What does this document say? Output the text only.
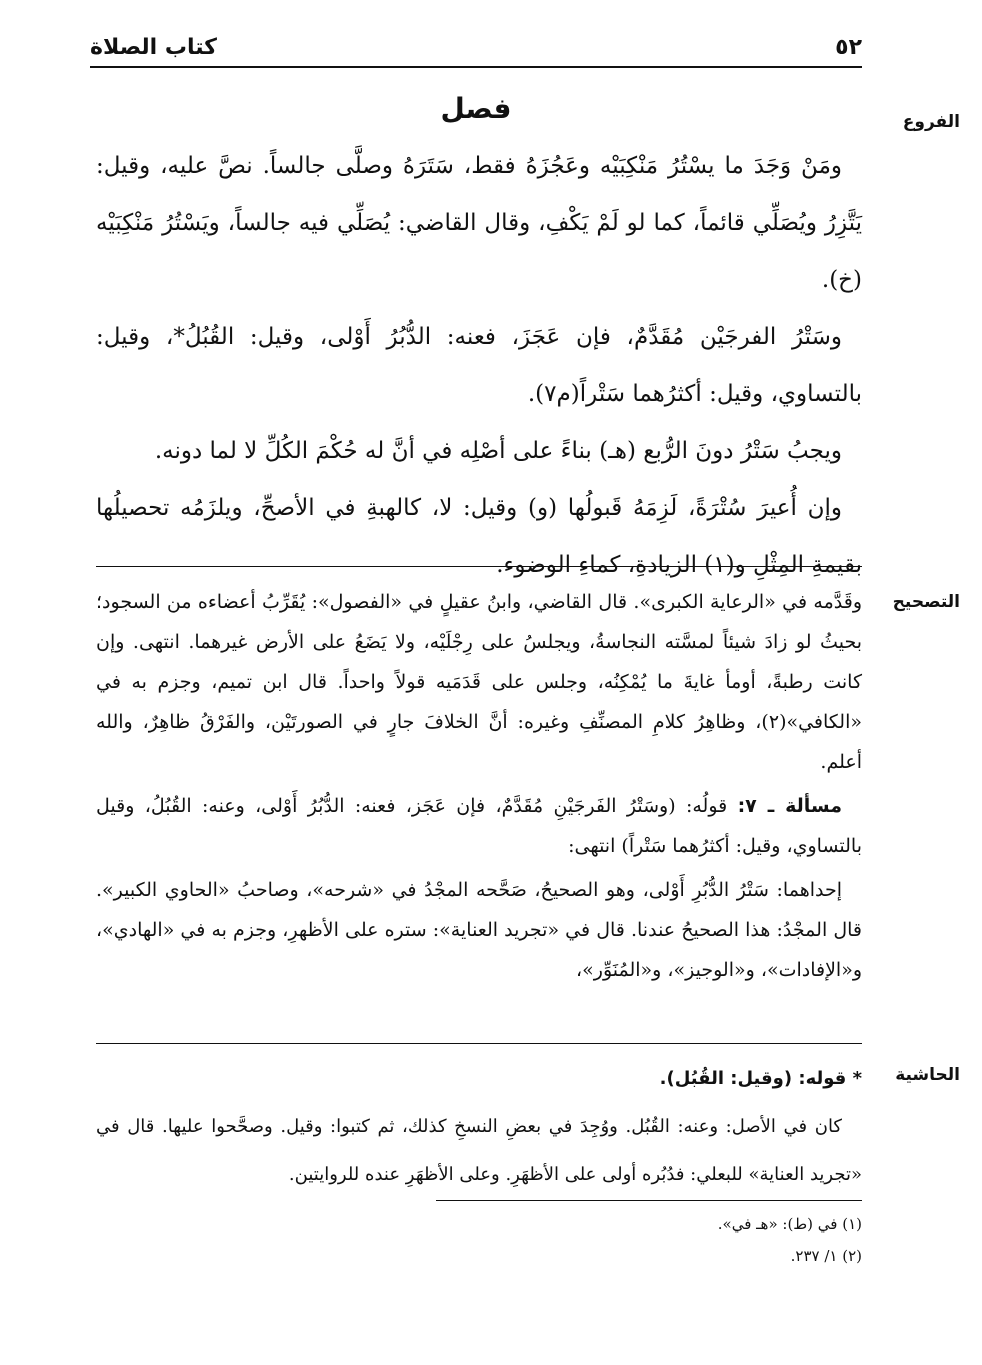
٥٢
كتاب الصلاة
الفروع
التصحيح
الحاشية
فصل

ومَنْ وَجَدَ ما يسْتُرُ مَنْكِبَيْه وعَجُزَهُ فقط، سَتَرَهُ وصلَّى جالساً. نصَّ عليه، وقيل: يَتَّزِرُ ويُصَلِّي قائماً، كما لو لَمْ يَكْفِ، وقال القاضي: يُصَلِّي فيه جالساً، ويَسْتُرُ مَنْكِبَيْه (خ).

وسَتْرُ الفرجَيْن مُقَدَّمٌ، فإن عَجَزَ، فعنه: الدُّبُرُ أَوْلى، وقيل: القُبُلُ*، وقيل: بالتساوي، وقيل: أكثرُهما سَتْراً(م٧).

ويجبُ سَتْرُ دونَ الرُّبع (هـ) بناءً على أصْلِه في أنَّ له حُكْمَ الكُلِّ لا لما دونه.

وإن أُعيرَ سُتْرَةً، لَزِمَهُ قَبولُها (و) وقيل: لا، كالهبةِ في الأصحِّ، ويلزَمُه تحصيلُها بقيمةِ المِثْلِ و(١) الزيادةِ، كماءِ الوضوء.

وقَدَّمه في «الرعاية الكبرى». قال القاضي، وابنُ عقيلٍ في «الفصول»: يُقَرِّبُ أعضاءه من السجود؛ بحيثُ لو زادَ شيئاً لمسَّته النجاسةُ، ويجلسُ على رِجْلَيْه، ولا يَضَعُ على الأرض غيرهما. انتهى. وإن كانت رطبةً، أومأ غايةَ ما يُمْكِنُه، وجلس على قَدَمَيه قولاً واحداً. قال ابن تميم، وجزم به في «الكافي»(٢)، وظاهِرُ كلامِ المصنِّفِ وغيره: أنَّ الخلافَ جارٍ في الصورتَيْن، والفَرْقُ ظاهِرٌ، والله أعلم.

مسألة ـ ٧: قولُه: (وسَتْرُ الفَرجَيْنِ مُقَدَّمٌ، فإن عَجَز، فعنه: الدُّبُرُ أَوْلى، وعنه: القُبُلُ، وقيل بالتساوي، وقيل: أكثرُهما سَتْراً) انتهى:

إحداهما: سَتْرُ الدُّبُرِ أَوْلى، وهو الصحيحُ، صَحَّحه المجْدُ في «شرحه»، وصاحبُ «الحاوي الكبير». قال المجْدُ: هذا الصحيحُ عندنا. قال في «تجريد العناية»: ستره على الأظهرِ، وجزم به في «الهادي»، و«الإفادات»، و«الوجيز»، و«المُنَوِّر»،

* قوله: (وقيل: القُبُل).

كان في الأصل: وعنه: القُبُل. ووُجِدَ في بعضِ النسخِ كذلك، ثم كتبوا: وقيل. وصحَّحوا عليها. قال في «تجريد العناية» للبعلي: فدُبُره أولى على الأظهَرِ. وعلى الأظهَرِ عنده للروايتين.

(١) في (ط): «هـ في».

(٢) ١/ ٢٣٧.
